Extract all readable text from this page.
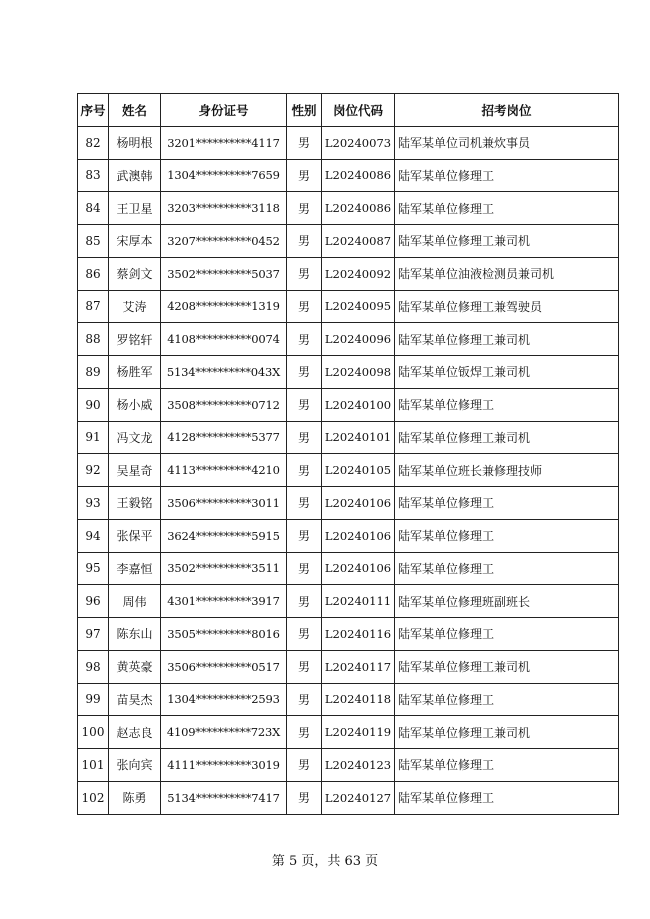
序号	姓名	身份证号	性别	岗位代码	招考岗位
82	杨明根	3201**********4117	男	L20240073	陆军某单位司机兼炊事员
83	武澳韩	1304**********7659	男	L20240086	陆军某单位修理工
84	王卫星	3203**********3118	男	L20240086	陆军某单位修理工
85	宋厚本	3207**********0452	男	L20240087	陆军某单位修理工兼司机
86	蔡剑文	3502**********5037	男	L20240092	陆军某单位油液检测员兼司机
87	艾涛	4208**********1319	男	L20240095	陆军某单位修理工兼驾驶员
88	罗铭轩	4108**********0074	男	L20240096	陆军某单位修理工兼司机
89	杨胜军	5134**********043X	男	L20240098	陆军某单位钣焊工兼司机
90	杨小威	3508**********0712	男	L20240100	陆军某单位修理工
91	冯文龙	4128**********5377	男	L20240101	陆军某单位修理工兼司机
92	吴星奇	4113**********4210	男	L20240105	陆军某单位班长兼修理技师
93	王毅铭	3506**********3011	男	L20240106	陆军某单位修理工
94	张保平	3624**********5915	男	L20240106	陆军某单位修理工
95	李嘉恒	3502**********3511	男	L20240106	陆军某单位修理工
96	周伟	4301**********3917	男	L20240111	陆军某单位修理班副班长
97	陈东山	3505**********8016	男	L20240116	陆军某单位修理工
98	黄英豪	3506**********0517	男	L20240117	陆军某单位修理工兼司机
99	苗昊杰	1304**********2593	男	L20240118	陆军某单位修理工
100	赵志良	4109**********723X	男	L20240119	陆军某单位修理工兼司机
101	张向宾	4111**********3019	男	L20240123	陆军某单位修理工
102	陈勇	5134**********7417	男	L20240127	陆军某单位修理工
第 5 页，共 63 页
